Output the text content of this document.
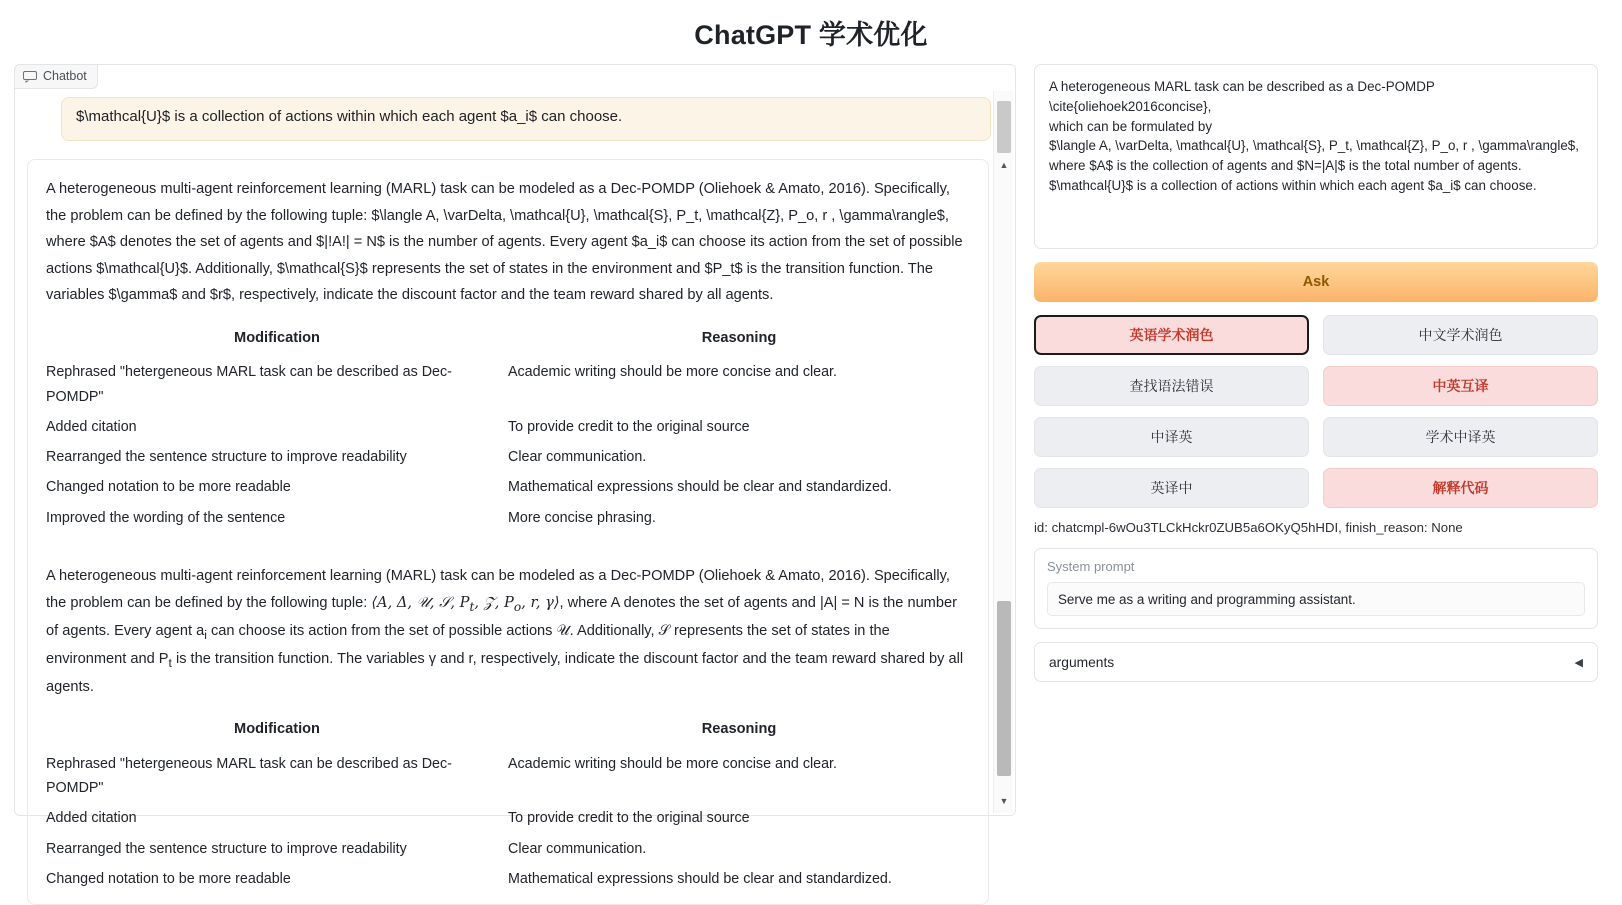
ChatGPT 学术优化
Chatbot
$\mathcal{U}$ is a collection of actions within which each agent $a_i$ can choose.

A heterogeneous multi-agent reinforcement learning (MARL) task can be modeled as a Dec-POMDP (Oliehoek & Amato, 2016). Specifically, the problem can be defined by the following tuple: $\langle A, \varDelta, \mathcal{U}, \mathcal{S}, P_t, \mathcal{Z}, P_o, r , \gamma\rangle$, where $A$ denotes the set of agents and $|!A!| = N$ is the number of agents. Every agent $a_i$ can choose its action from the set of possible actions $\mathcal{U}$. Additionally, $\mathcal{S}$ represents the set of states in the environment and $P_t$ is the transition function. The variables $\gamma$ and $r$, respectively, indicate the discount factor and the team reward shared by all agents.

Modification	Reasoning
Rephrased "hetergeneous MARL task can be described as Dec-POMDP"	Academic writing should be more concise and clear.
Added citation	To provide credit to the original source
Rearranged the sentence structure to improve readability	Clear communication.
Changed notation to be more readable	Mathematical expressions should be clear and standardized.
Improved the wording of the sentence	More concise phrasing.

A heterogeneous multi-agent reinforcement learning (MARL) task can be modeled as a Dec-POMDP (Oliehoek & Amato, 2016). Specifically, the problem can be defined by the following tuple: ⟨A, Δ, 𝒰, 𝒮, $P_t$, 𝒵, $P_o$, r, γ⟩, where A denotes the set of agents and |A| = N is the number of agents. Every agent $a_i$ can choose its action from the set of possible actions 𝒰. Additionally, 𝒮 represents the set of states in the environment and $P_t$ is the transition function. The variables γ and r, respectively, indicate the discount factor and the team reward shared by all agents.

Modification	Reasoning
Rephrased "hetergeneous MARL task can be described as Dec-POMDP"	Academic writing should be more concise and clear.
Added citation	To provide credit to the original source
Rearranged the sentence structure to improve readability	Clear communication.
Changed notation to be more readable	Mathematical expressions should be clear and standardized.
▲
▼
A heterogeneous MARL task can be described as a Dec-POMDP \cite{oliehoek2016concise}, which can be formulated by $\langle A, \varDelta, \mathcal{U}, \mathcal{S}, P_t, \mathcal{Z}, P_o, r , \gamma\rangle$, where $A$ is the collection of agents and $N=|A|$ is the total number of agents. $\mathcal{U}$ is a collection of actions within which each agent $a_i$ can choose.
Ask
英语学术润色	中文学术润色
查找语法错误	中英互译
中译英	学术中译英
英译中	解释代码
id: chatcmpl-6wOu3TLCkHckr0ZUB5a6OKyQ5hHDI, finish_reason: None
System prompt
Serve me as a writing and programming assistant.
arguments	◀
